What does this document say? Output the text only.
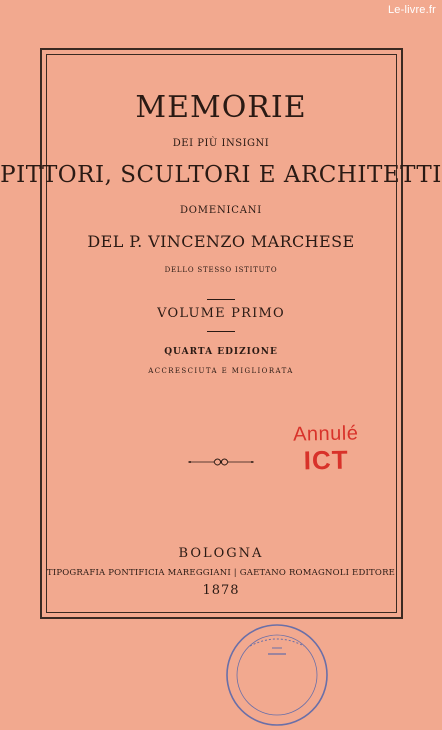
Le-livre.fr
MEMORIE
DEI PIÙ INSIGNI
PITTORI, SCULTORI E ARCHITETTI
DOMENICANI
DEL P. VINCENZO MARCHESE
DELLO STESSO ISTITUTO
VOLUME PRIMO
QUARTA EDIZIONE
ACCRESCIUTA E MIGLIORATA
Annulé
ICT
BOLOGNA
TIPOGRAFIA PONTIFICIA MAREGGIANI | GAETANO ROMAGNOLI EDITORE
1878
